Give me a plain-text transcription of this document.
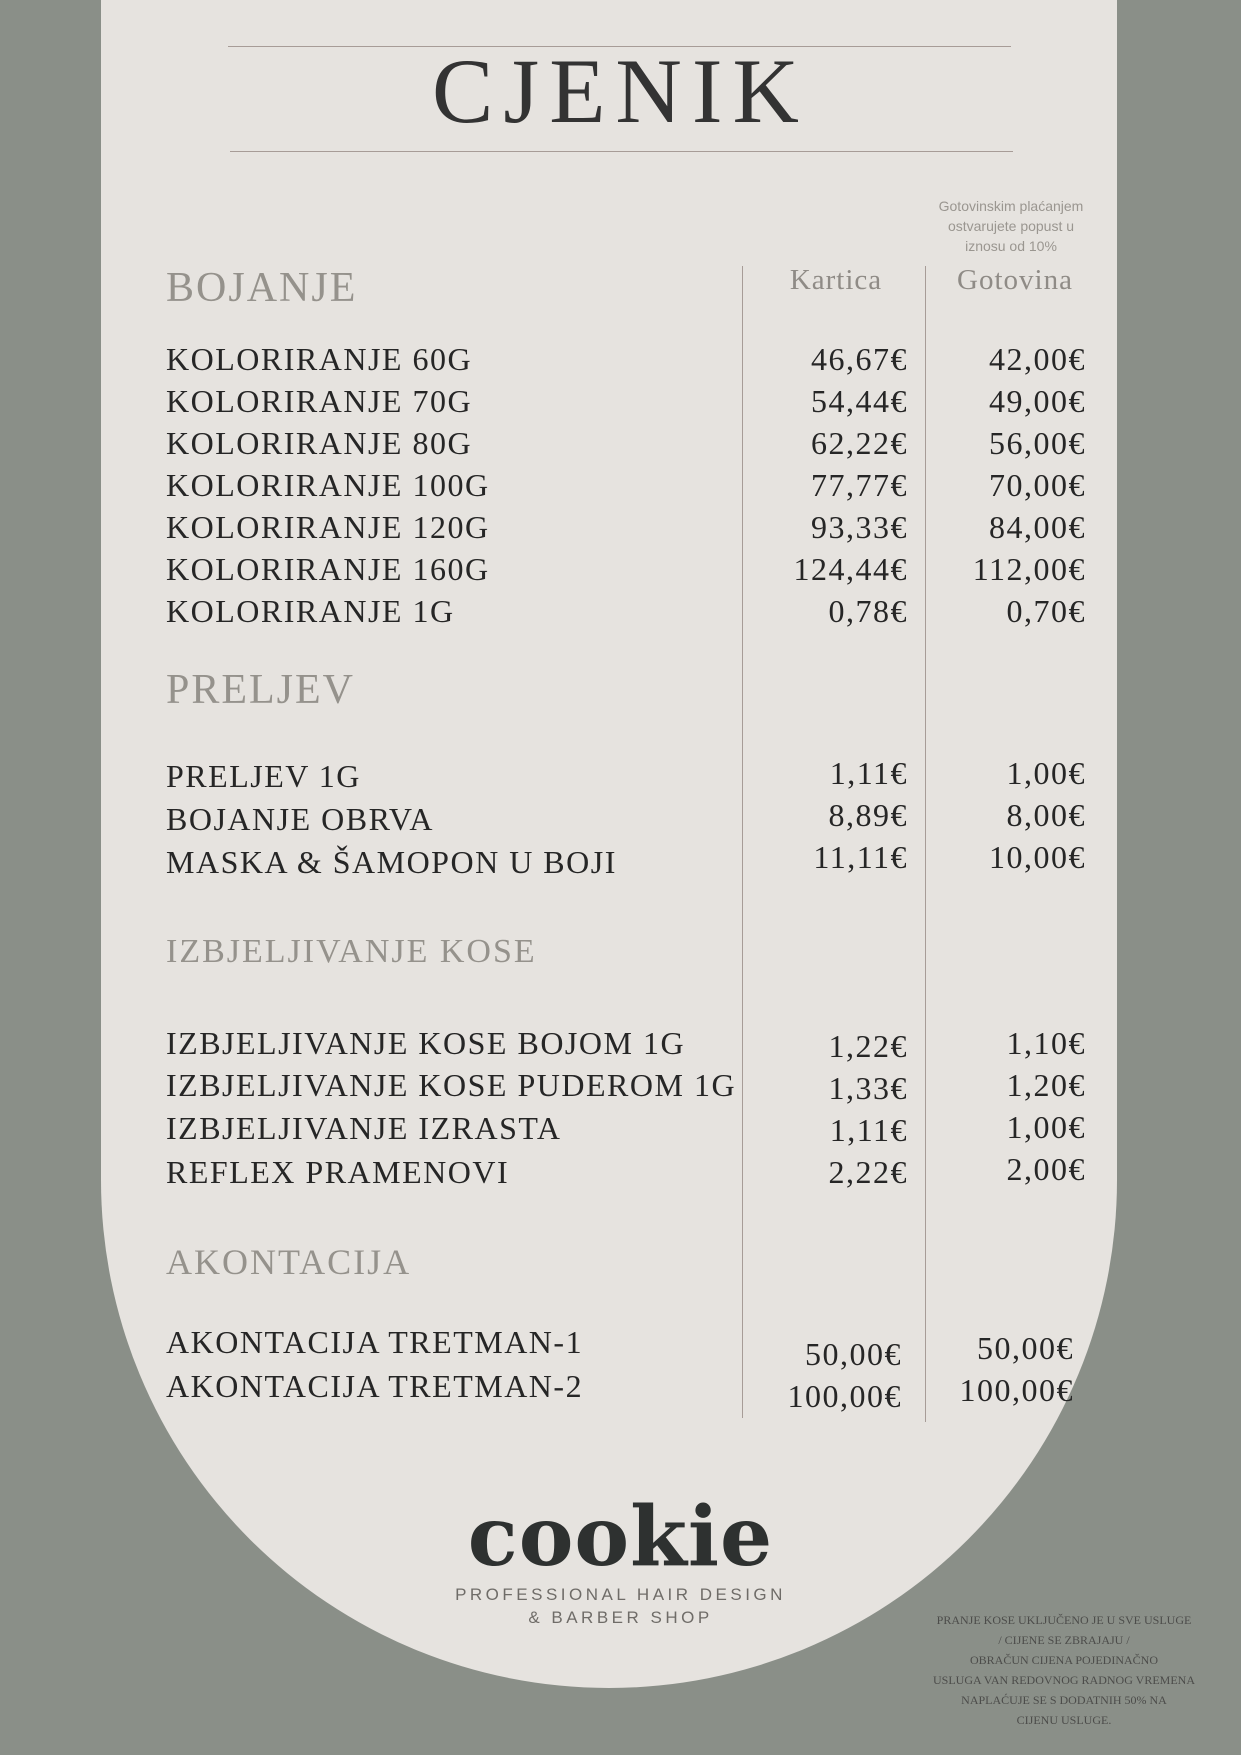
CJENIK
Gotovinskim plaćanjem
ostvarujete popust u
iznosu od 10%
Kartica	Gotovina
BOJANJE
KOLORIRANJE 60G	46,67€	42,00€
KOLORIRANJE 70G	54,44€	49,00€
KOLORIRANJE 80G	62,22€	56,00€
KOLORIRANJE 100G	77,77€	70,00€
KOLORIRANJE 120G	93,33€	84,00€
KOLORIRANJE 160G	124,44€	112,00€
KOLORIRANJE 1G	0,78€	0,70€
PRELJEV
PRELJEV 1G	1,11€	1,00€
BOJANJE OBRVA	8,89€	8,00€
MASKA & ŠAMOPON U BOJI	11,11€	10,00€
IZBJELJIVANJE KOSE
IZBJELJIVANJE KOSE BOJOM 1G	1,22€	1,10€
IZBJELJIVANJE KOSE PUDEROM 1G	1,33€	1,20€
IZBJELJIVANJE IZRASTA	1,11€	1,00€
REFLEX PRAMENOVI	2,22€	2,00€
AKONTACIJA
AKONTACIJA TRETMAN-1	50,00€	50,00€
AKONTACIJA TRETMAN-2	100,00€	100,00€
cookie
PROFESSIONAL HAIR DESIGN
& BARBER SHOP	PRANJE KOSE UKLJUČENO JE U SVE USLUGE
/ CIJENE SE ZBRAJAJU /
OBRAČUN CIJENA POJEDINAČNO
USLUGA VAN REDOVNOG RADNOG VREMENA
NAPLAĆUJE SE S DODATNIH 50% NA
CIJENU USLUGE.
